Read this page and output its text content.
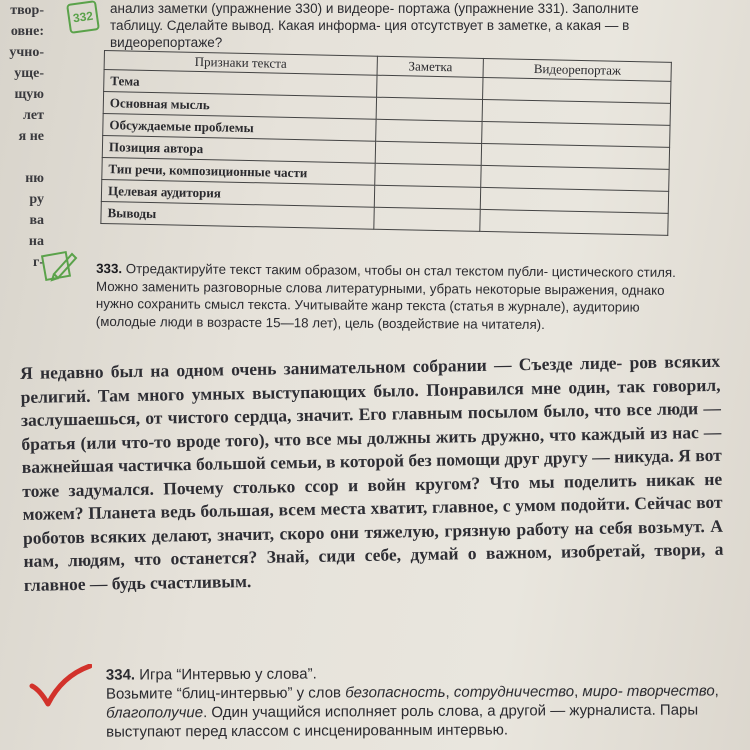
твор-
овне:
учно-
уще-
щую
лет
я не

ню
ру
ва
на
г-
332
анализ заметки (упражнение 330) и видеоре- портажа (упражнение 331). Заполните таблицу. Сделайте вывод. Какая информа- ция отсутствует в заметке, а какая — в видеорепортаже?
Признаки текста	Заметка	Видеорепортаж
Тема		
Основная мысль		
Обсуждаемые проблемы		
Позиция автора		
Тип речи, композиционные части		
Целевая аудитория		
Выводы		
333. Отредактируйте текст таким образом, чтобы он стал текстом публи- цистического стиля. Можно заменить разговорные слова литературными, убрать некоторые выражения, однако нужно сохранить смысл текста. Учитывайте жанр текста (статья в журнале), аудиторию (молодые люди в возрасте 15—18 лет), цель (воздействие на читателя).
Я недавно был на одном очень занимательном собрании — Съезде лиде- ров всяких религий. Там много умных выступающих было. Понравился мне один, так говорил, заслушаешься, от чистого сердца, значит. Его главным посылом было, что все люди — братья (или что-то вроде того), что все мы должны жить дружно, что каждый из нас — важнейшая частичка большой семьи, в которой без помощи друг другу — никуда. Я вот тоже задумался. Почему столько ссор и войн кругом? Что мы поделить никак не можем? Планета ведь большая, всем места хватит, главное, с умом подойти. Сейчас вот роботов всяких делают, значит, скоро они тяжелую, грязную работу на себя возьмут. А нам, людям, что останется? Знай, сиди себе, думай о важном, изобретай, твори, а главное — будь счастливым.
334. Игра “Интервью у слова”.
Возьмите “блиц-интервью” у слов безопасность, сотрудничество, миро- творчество, благополучие. Один учащийся исполняет роль слова, а другой — журналиста. Пары выступают перед классом с инсценированным интервью.
